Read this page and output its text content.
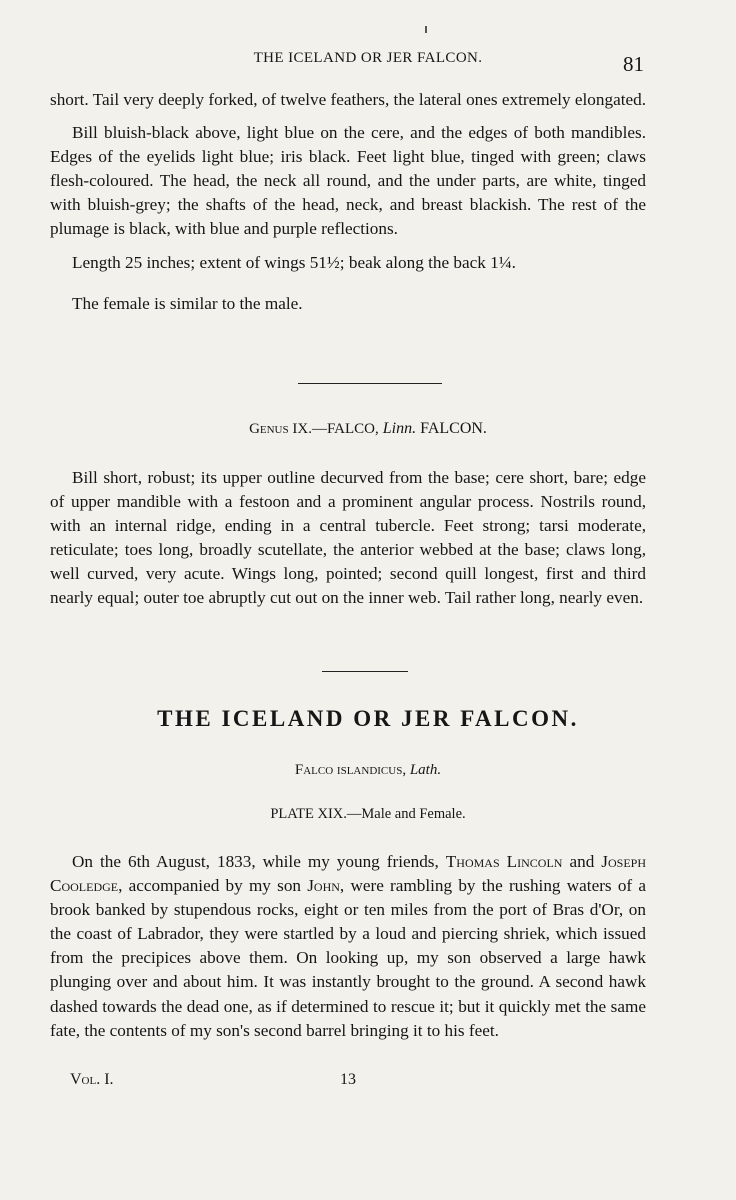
THE ICELAND OR JER FALCON.	81

short. Tail very deeply forked, of twelve feathers, the lateral ones extremely elongated.

Bill bluish-black above, light blue on the cere, and the edges of both mandibles. Edges of the eyelids light blue; iris black. Feet light blue, tinged with green; claws flesh-coloured. The head, the neck all round, and the under parts, are white, tinged with bluish-grey; the shafts of the head, neck, and breast blackish. The rest of the plumage is black, with blue and purple reflections.

Length 25 inches; extent of wings 51½; beak along the back 1¼.

The female is similar to the male.

Genus IX.—FALCO, Linn. FALCON.

Bill short, robust; its upper outline decurved from the base; cere short, bare; edge of upper mandible with a festoon and a prominent angular process. Nostrils round, with an internal ridge, ending in a central tubercle. Feet strong; tarsi moderate, reticulate; toes long, broadly scutellate, the anterior webbed at the base; claws long, well curved, very acute. Wings long, pointed; second quill longest, first and third nearly equal; outer toe abruptly cut out on the inner web. Tail rather long, nearly even.

THE ICELAND OR JER FALCON.
Falco islandicus, Lath.
PLATE XIX.—Male and Female.

On the 6th August, 1833, while my young friends, Thomas Lincoln and Joseph Cooledge, accompanied by my son John, were rambling by the rushing waters of a brook banked by stupendous rocks, eight or ten miles from the port of Bras d'Or, on the coast of Labrador, they were startled by a loud and piercing shriek, which issued from the precipices above them. On looking up, my son observed a large hawk plunging over and about him. It was instantly brought to the ground. A second hawk dashed towards the dead one, as if determined to rescue it; but it quickly met the same fate, the contents of my son's second barrel bringing it to his feet.

Vol. I.	13
